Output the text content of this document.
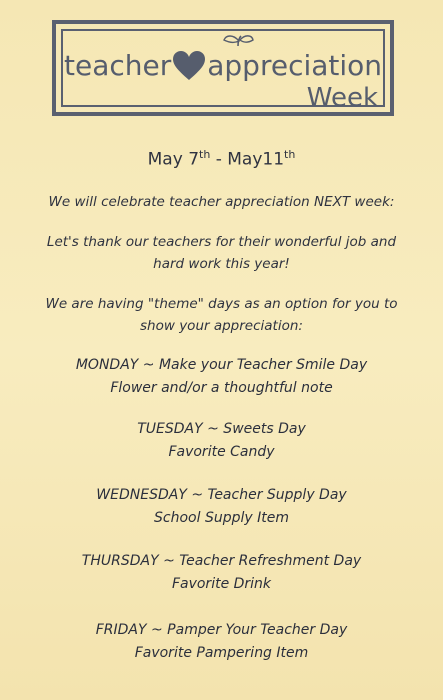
teacher appreciation
Week
May 7th - May11th
We will celebrate teacher appreciation NEXT week:
Let's thank our teachers for their wonderful job and
hard work this year!
We are having "theme" days as an option for you to
show your appreciation:
MONDAY ~ Make your Teacher Smile Day
Flower and/or a thoughtful note
TUESDAY ~ Sweets Day
Favorite Candy
WEDNESDAY ~ Teacher Supply Day
School Supply Item
THURSDAY ~ Teacher Refreshment Day
Favorite Drink
FRIDAY ~ Pamper Your Teacher Day
Favorite Pampering Item
